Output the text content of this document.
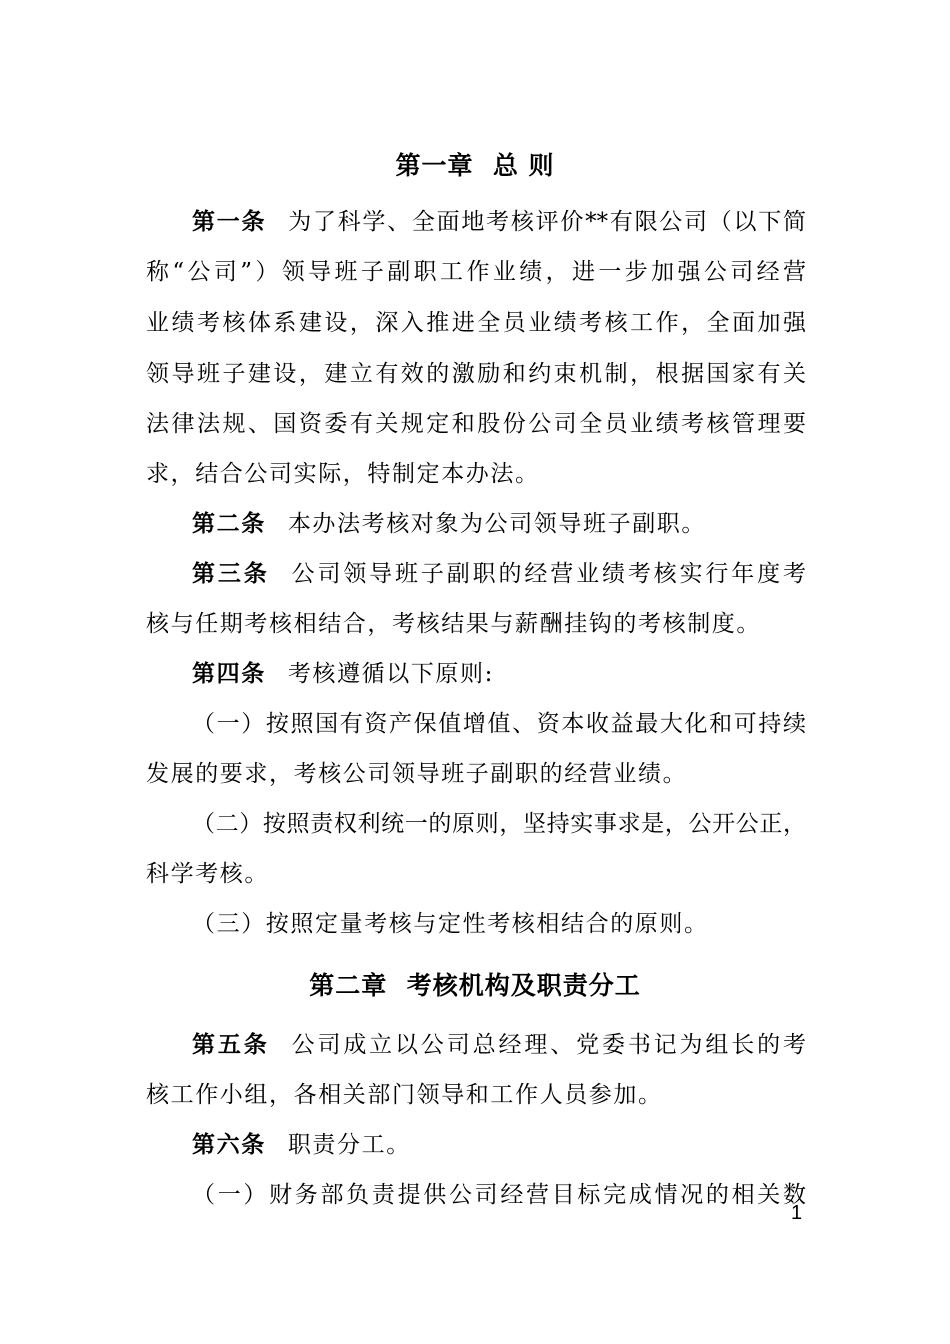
第一章  总 则
第一条 为了科学、全面地考核评价**有限公司（以下简
称“公司”）领导班子副职工作业绩，进一步加强公司经营
业绩考核体系建设，深入推进全员业绩考核工作，全面加强
领导班子建设，建立有效的激励和约束机制，根据国家有关
法律法规、国资委有关规定和股份公司全员业绩考核管理要
求，结合公司实际，特制定本办法。
第二条 本办法考核对象为公司领导班子副职。
第三条 公司领导班子副职的经营业绩考核实行年度考
核与任期考核相结合，考核结果与薪酬挂钩的考核制度。
第四条 考核遵循以下原则:
（一）按照国有资产保值增值、资本收益最大化和可持续
发展的要求，考核公司领导班子副职的经营业绩。
（二）按照责权利统一的原则，坚持实事求是，公开公正，
科学考核。
（三）按照定量考核与定性考核相结合的原则。
第二章  考核机构及职责分工
第五条 公司成立以公司总经理、党委书记为组长的考
核工作小组，各相关部门领导和工作人员参加。
第六条 职责分工。
（一）财务部负责提供公司经营目标完成情况的相关数
1
